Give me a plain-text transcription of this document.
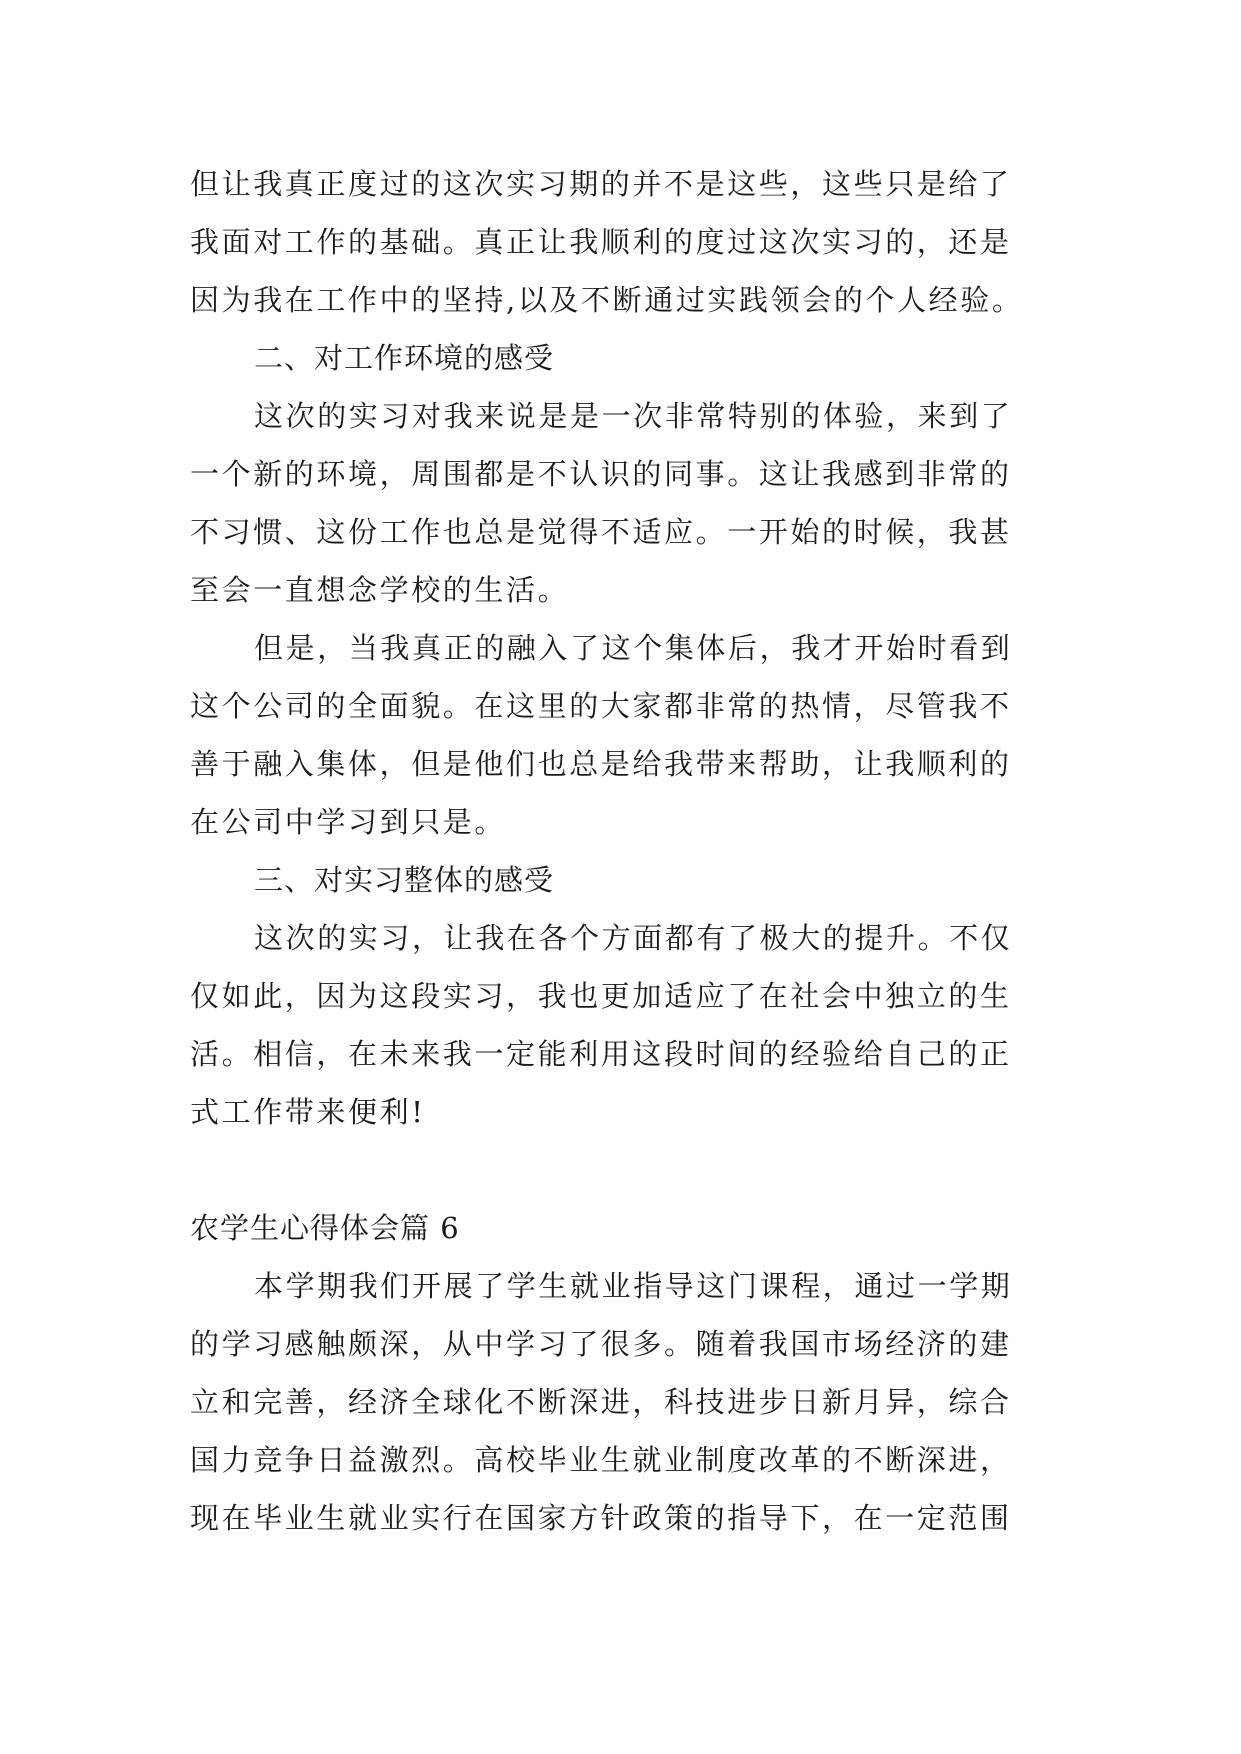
但让我真正度过的这次实习期的并不是这些，这些只是给了
我面对工作的基础。真正让我顺利的度过这次实习的，还是
因为我在工作中的坚持,以及不断通过实践领会的个人经验。
二、对工作环境的感受
这次的实习对我来说是是一次非常特别的体验，来到了
一个新的环境，周围都是不认识的同事。这让我感到非常的
不习惯、这份工作也总是觉得不适应。一开始的时候，我甚
至会一直想念学校的生活。
但是，当我真正的融入了这个集体后，我才开始时看到
这个公司的全面貌。在这里的大家都非常的热情，尽管我不
善于融入集体，但是他们也总是给我带来帮助，让我顺利的
在公司中学习到只是。
三、对实习整体的感受
这次的实习，让我在各个方面都有了极大的提升。不仅
仅如此，因为这段实习，我也更加适应了在社会中独立的生
活。相信，在未来我一定能利用这段时间的经验给自己的正
式工作带来便利!
农学生心得体会篇 6
本学期我们开展了学生就业指导这门课程，通过一学期
的学习感触颇深，从中学习了很多。随着我国市场经济的建
立和完善，经济全球化不断深进，科技进步日新月异，综合
国力竞争日益激烈。高校毕业生就业制度改革的不断深进，
现在毕业生就业实行在国家方针政策的指导下，在一定范围
